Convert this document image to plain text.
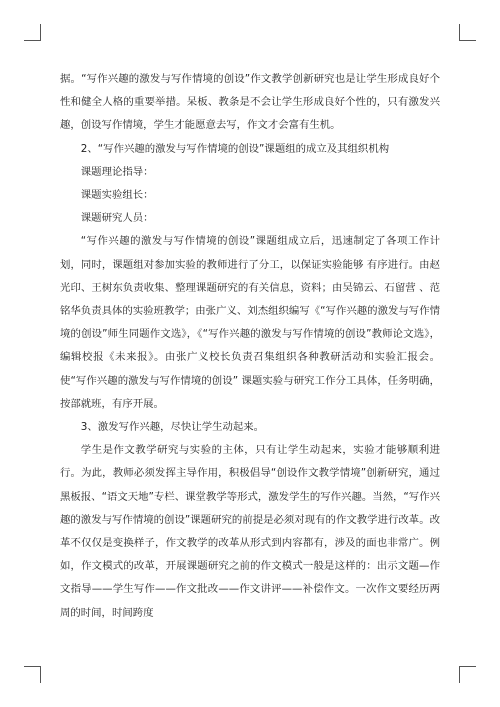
据。“写作兴趣的激发与写作情境的创设”作文教学创新研究也是让学生形成良好个性和健全人格的重要举措。呆板、教条是不会让学生形成良好个性的，只有激发兴趣，创设写作情境，学生才能愿意去写，作文才会富有生机。

2、“写作兴趣的激发与写作情境的创设”课题组的成立及其组织机构

课题理论指导：

课题实验组长：

课题研究人员：

“写作兴趣的激发与写作情境的创设”课题组成立后，迅速制定了各项工作计划，同时，课题组对参加实验的教师进行了分工，以保证实验能够 有序进行。由赵光印、王树东负责收集、整理课题研究的有关信息，资料；由吴锦云、石留营 、范铭华负责具体的实验班教学；由张广义、刘杰组织编写《“写作兴趣的激发与写作情境的创设”师生同题作文选》，《“写作兴趣的激发与写作情境的创设”教师论文选》，编辑校报《未来报》。由张广义校长负责召集组织各种教研活动和实验汇报会。使“写作兴趣的激发与写作情境的创设” 课题实验与研究工作分工具体，任务明确，按部就班，有序开展。

3、激发写作兴趣，尽快让学生动起来。

学生是作文教学研究与实验的主体，只有让学生动起来，实验才能够顺利进行。为此，教师必须发挥主导作用，积极倡导“创设作文教学情境”创新研究，通过黑板报、“语文天地”专栏、课堂教学等形式，激发学生的写作兴趣。当然，“写作兴趣的激发与写作情境的创设”课题研究的前提是必须对现有的作文教学进行改革。改革不仅仅是变换样子，作文教学的改革从形式到内容都有，涉及的面也非常广。例如，作文模式的改革，开展课题研究之前的作文模式一般是这样的：出示文题—作文指导——学生写作——作文批改——作文讲评——补偿作文。一次作文要经历两周的时间，时间跨度
